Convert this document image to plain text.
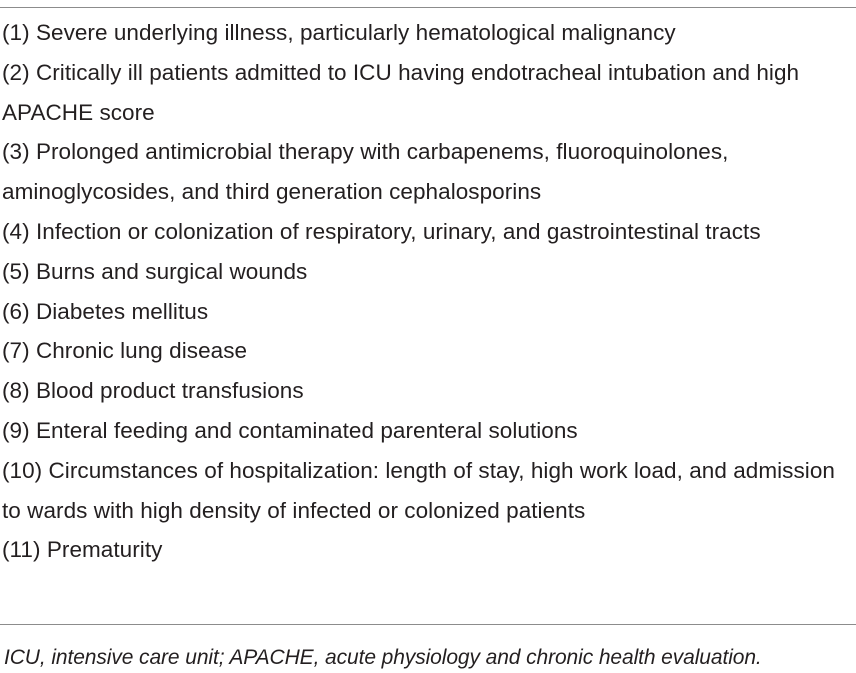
(1) Severe underlying illness, particularly hematological malignancy
(2) Critically ill patients admitted to ICU having endotracheal intubation and high APACHE score
(3) Prolonged antimicrobial therapy with carbapenems, fluoroquinolones, aminoglycosides, and third generation cephalosporins
(4) Infection or colonization of respiratory, urinary, and gastrointestinal tracts
(5) Burns and surgical wounds
(6) Diabetes mellitus
(7) Chronic lung disease
(8) Blood product transfusions
(9) Enteral feeding and contaminated parenteral solutions
(10) Circumstances of hospitalization: length of stay, high work load, and admission to wards with high density of infected or colonized patients
(11) Prematurity
ICU, intensive care unit; APACHE, acute physiology and chronic health evaluation.
